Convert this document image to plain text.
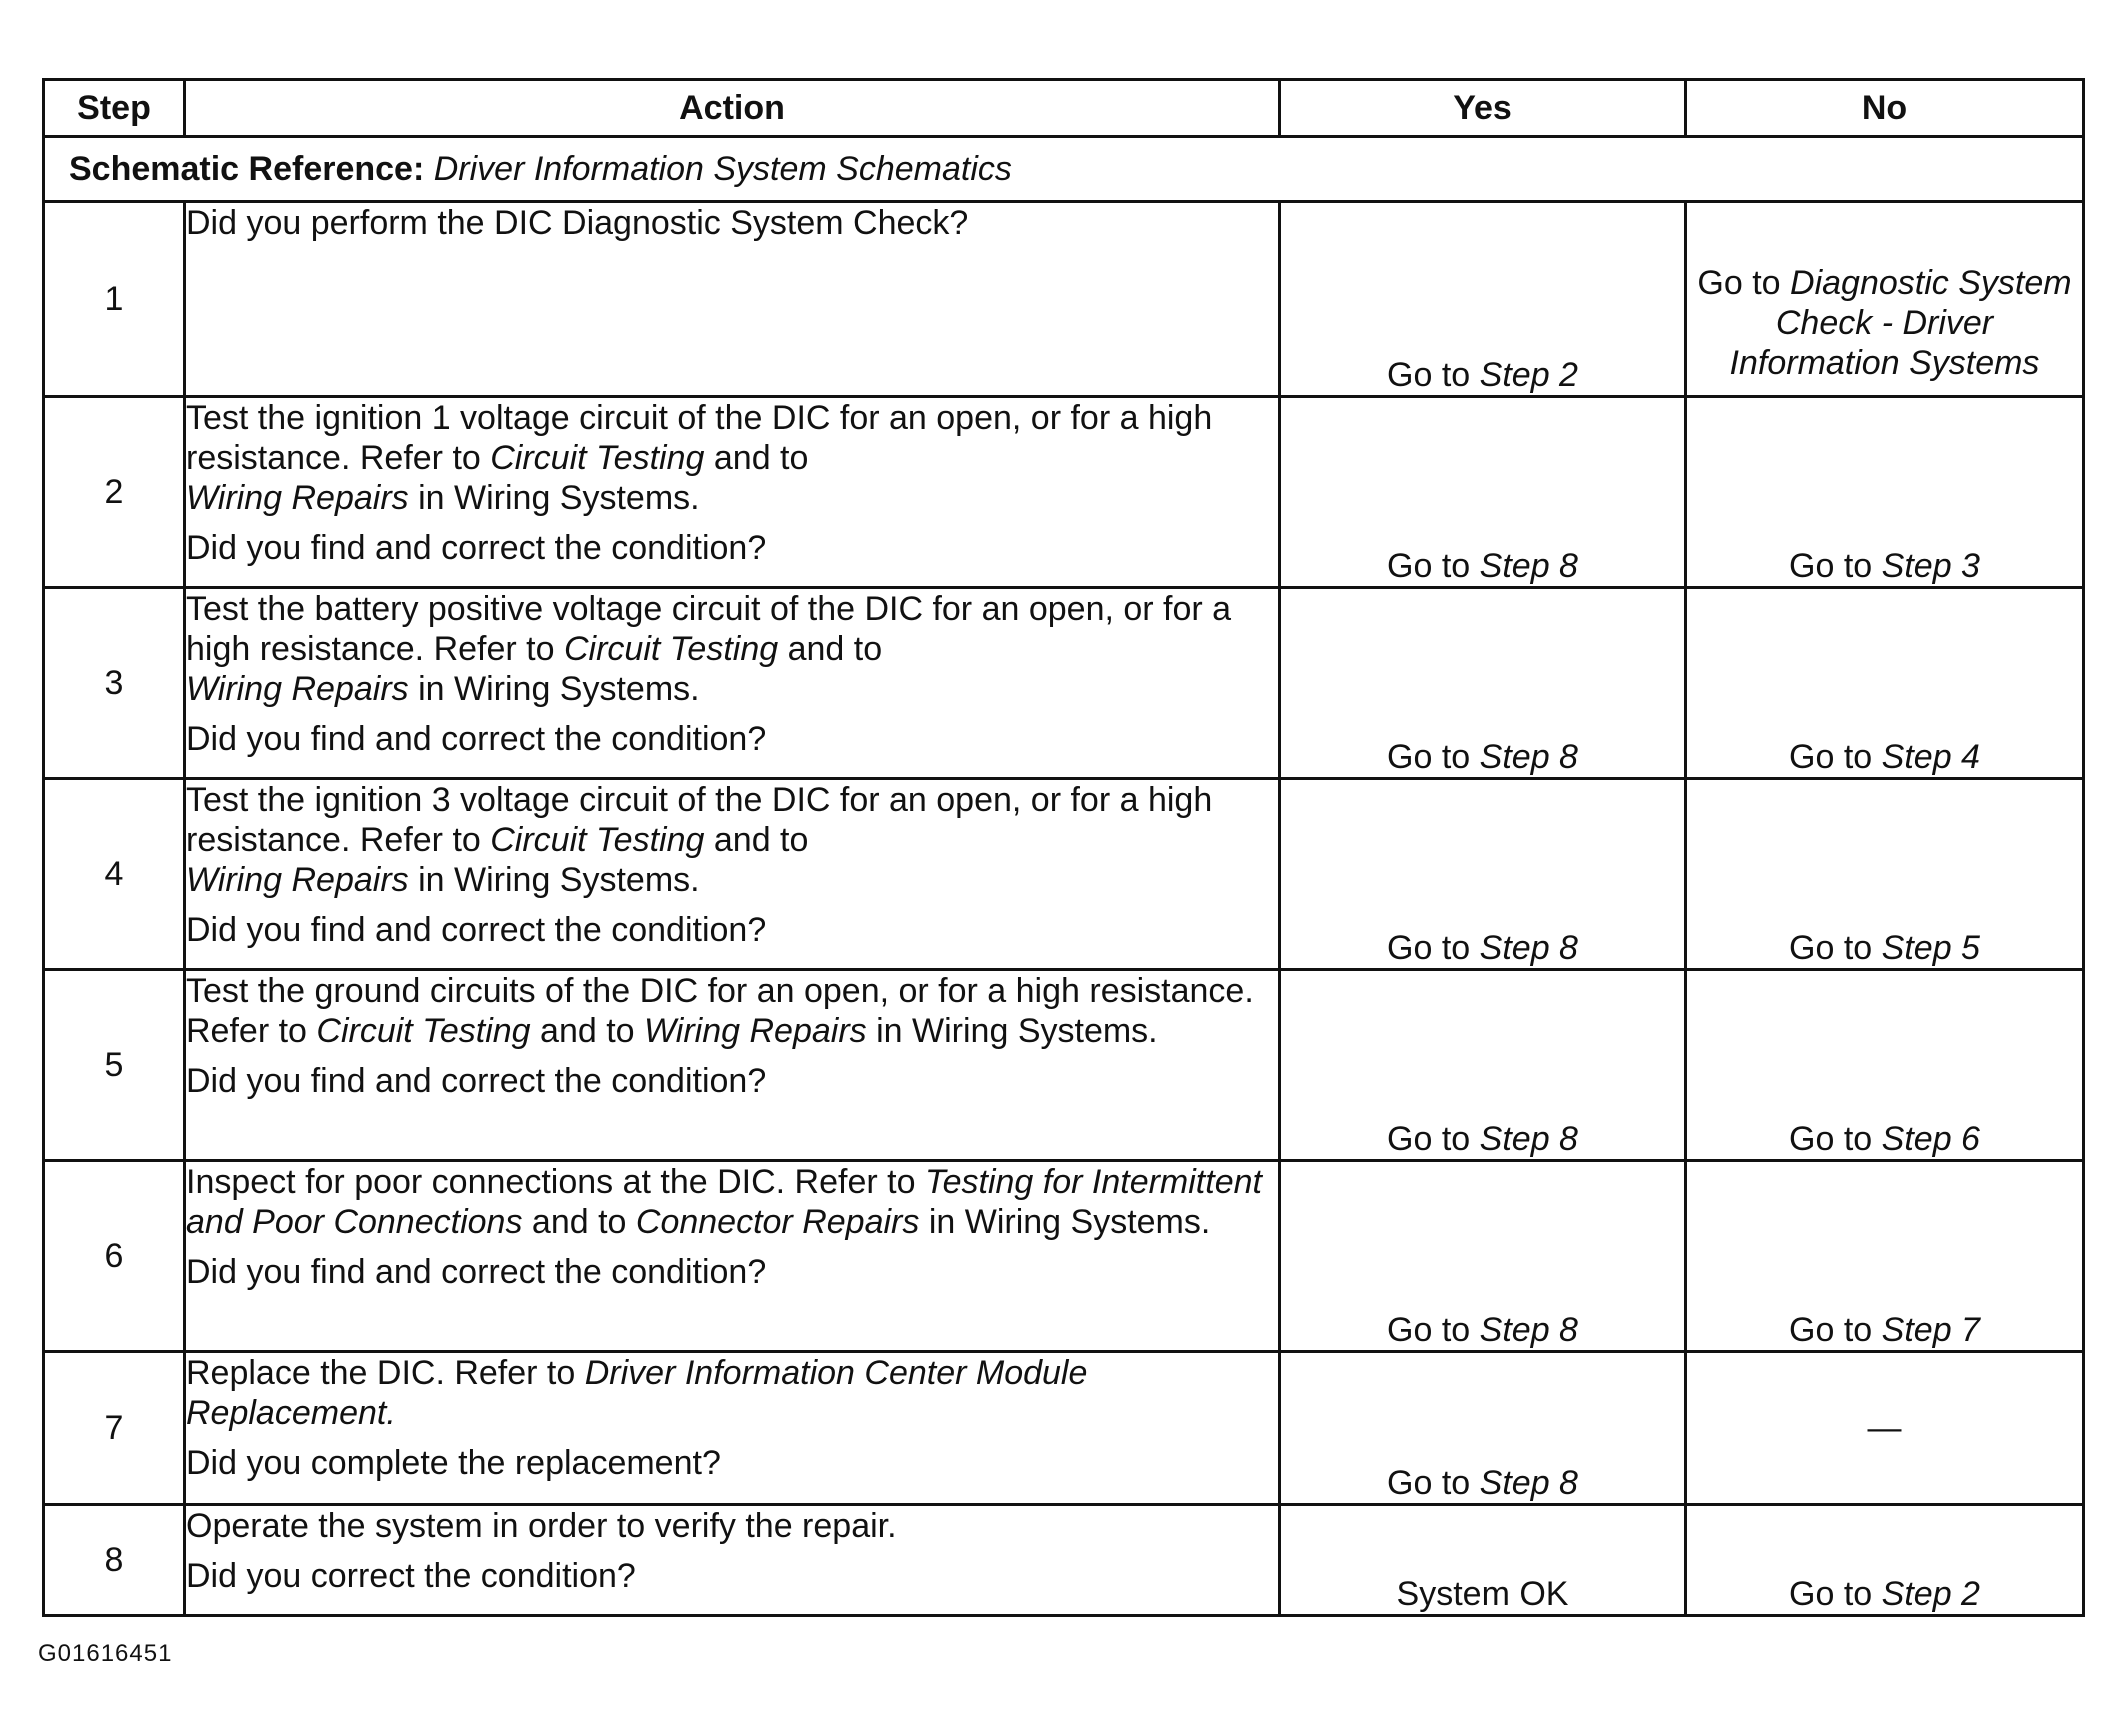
Step	Action	Yes	No
Schematic Reference: Driver Information System Schematics			
1	Did you perform the DIC Diagnostic System Check?	Go to Step 2	Go to Diagnostic System Check - Driver Information Systems
2	Test the ignition 1 voltage circuit of the DIC for an open, or for a high resistance. Refer to Circuit Testing and to
Wiring Repairs in Wiring Systems.

Did you find and correct the condition?	Go to Step 8	Go to Step 3
3	Test the battery positive voltage circuit of the DIC for an open, or for a high resistance. Refer to Circuit Testing and to
Wiring Repairs in Wiring Systems.

Did you find and correct the condition?	Go to Step 8	Go to Step 4
4	Test the ignition 3 voltage circuit of the DIC for an open, or for a high resistance. Refer to Circuit Testing and to
Wiring Repairs in Wiring Systems.

Did you find and correct the condition?	Go to Step 8	Go to Step 5
5	Test the ground circuits of the DIC for an open, or for a high resistance. Refer to Circuit Testing and to Wiring Repairs in Wiring Systems.

Did you find and correct the condition?	Go to Step 8	Go to Step 6
6	Inspect for poor connections at the DIC. Refer to Testing for Intermittent and Poor Connections and to Connector Repairs in Wiring Systems.

Did you find and correct the condition?	Go to Step 8	Go to Step 7
7	Replace the DIC. Refer to Driver Information Center Module Replacement.

Did you complete the replacement?	Go to Step 8	—
8	Operate the system in order to verify the repair.

Did you correct the condition?	System OK	Go to Step 2
G01616451
